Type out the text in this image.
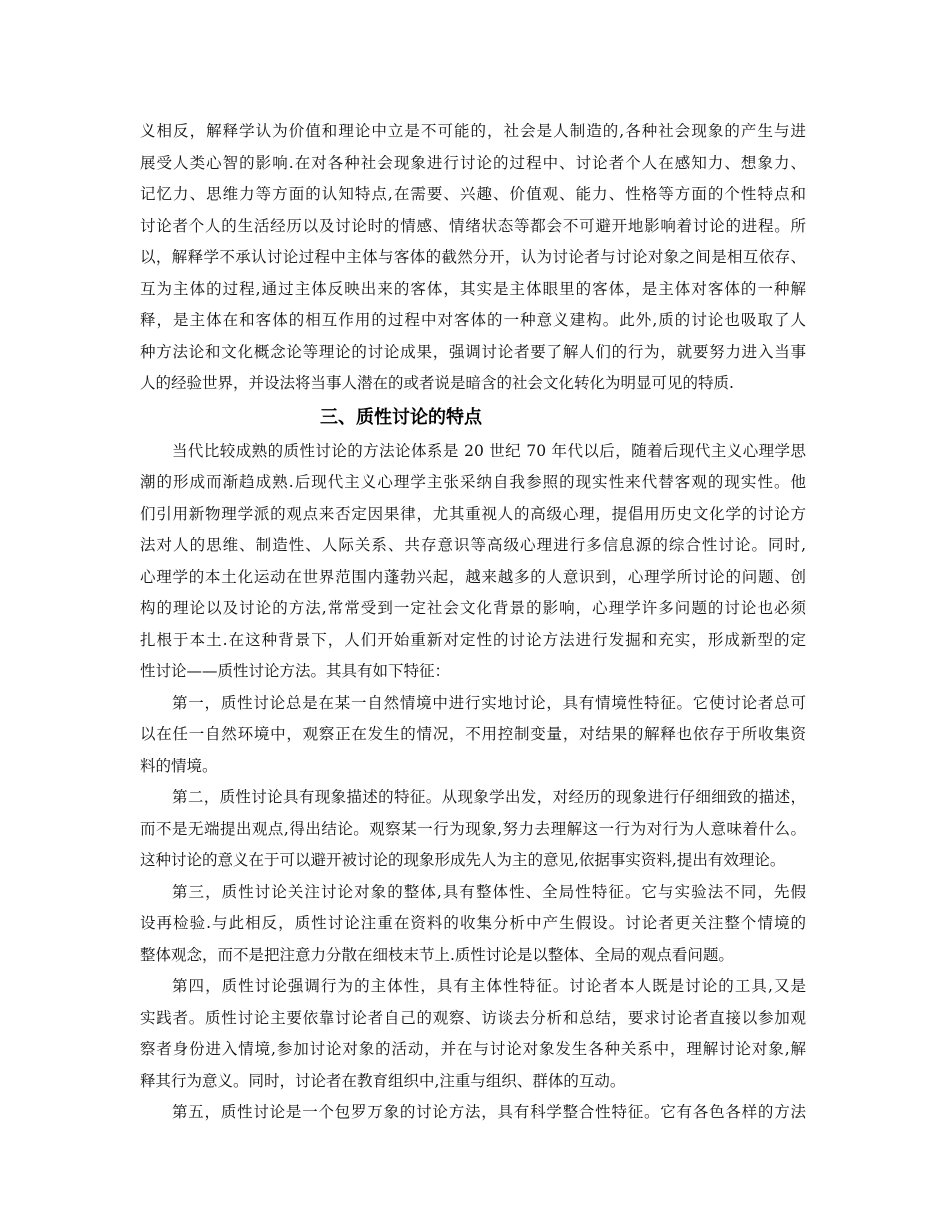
义相反，解释学认为价值和理论中立是不可能的，社会是人制造的,各种社会现象的产生与进
展受人类心智的影响.在对各种社会现象进行讨论的过程中、讨论者个人在感知力、想象力、
记忆力、思维力等方面的认知特点,在需要、兴趣、价值观、能力、性格等方面的个性特点和
讨论者个人的生活经历以及讨论时的情感、情绪状态等都会不可避开地影响着讨论的进程。所
以，解释学不承认讨论过程中主体与客体的截然分开，认为讨论者与讨论对象之间是相互依存、
互为主体的过程,通过主体反映出来的客体，其实是主体眼里的客体，是主体对客体的一种解
释，是主体在和客体的相互作用的过程中对客体的一种意义建构。此外,质的讨论也吸取了人
种方法论和文化概念论等理论的讨论成果，强调讨论者要了解人们的行为，就要努力进入当事
人的经验世界，并设法将当事人潜在的或者说是暗含的社会文化转化为明显可见的特质.
三、质性讨论的特点
当代比较成熟的质性讨论的方法论体系是 20 世纪 70 年代以后，随着后现代主义心理学思
潮的形成而渐趋成熟.后现代主义心理学主张采纳自我参照的现实性来代替客观的现实性。他
们引用新物理学派的观点来否定因果律，尤其重视人的高级心理，提倡用历史文化学的讨论方
法对人的思维、制造性、人际关系、共存意识等高级心理进行多信息源的综合性讨论。同时,
心理学的本土化运动在世界范围内蓬勃兴起，越来越多的人意识到，心理学所讨论的问题、创
构的理论以及讨论的方法,常常受到一定社会文化背景的影响，心理学许多问题的讨论也必须
扎根于本土.在这种背景下，人们开始重新对定性的讨论方法进行发掘和充实，形成新型的定
性讨论——质性讨论方法。其具有如下特征：
第一，质性讨论总是在某一自然情境中进行实地讨论，具有情境性特征。它使讨论者总可
以在任一自然环境中，观察正在发生的情况，不用控制变量，对结果的解释也依存于所收集资
料的情境。
第二，质性讨论具有现象描述的特征。从现象学出发，对经历的现象进行仔细细致的描述，
而不是无端提出观点,得出结论。观察某一行为现象,努力去理解这一行为对行为人意味着什么。
这种讨论的意义在于可以避开被讨论的现象形成先人为主的意见,依据事实资料,提出有效理论。
第三，质性讨论关注讨论对象的整体,具有整体性、全局性特征。它与实验法不同，先假
设再检验.与此相反，质性讨论注重在资料的收集分析中产生假设。讨论者更关注整个情境的
整体观念，而不是把注意力分散在细枝末节上.质性讨论是以整体、全局的观点看问题。
第四，质性讨论强调行为的主体性，具有主体性特征。讨论者本人既是讨论的工具,又是
实践者。质性讨论主要依靠讨论者自己的观察、访谈去分析和总结，要求讨论者直接以参加观
察者身份进入情境,参加讨论对象的活动，并在与讨论对象发生各种关系中，理解讨论对象,解
释其行为意义。同时，讨论者在教育组织中,注重与组织、群体的互动。
第五，质性讨论是一个包罗万象的讨论方法，具有科学整合性特征。它有各色各样的方法
